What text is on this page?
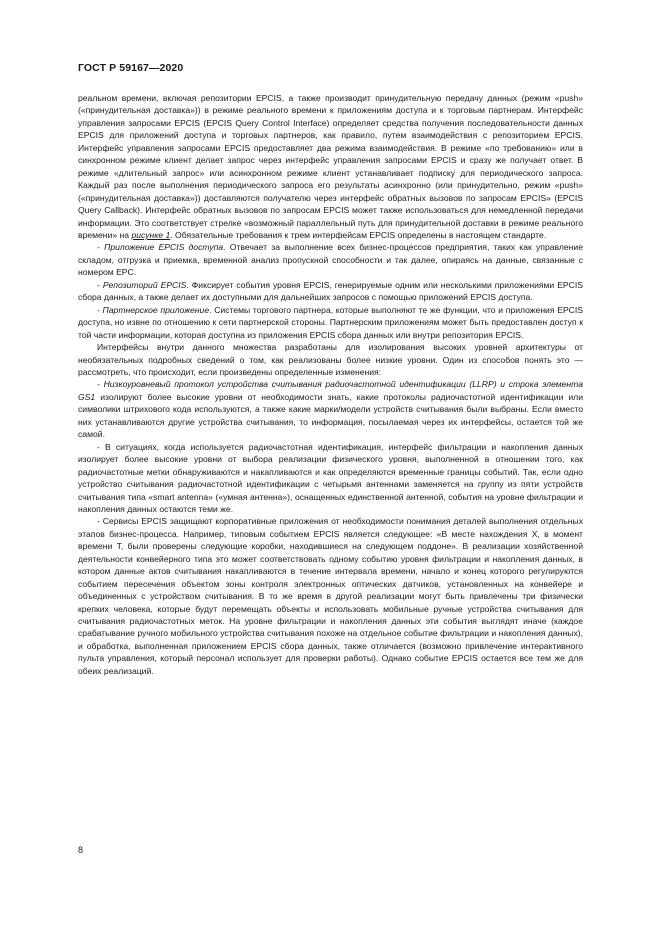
ГОСТ Р 59167—2020

реальном времени, включая репозитории EPCIS, а также производит принудительную передачу данных (режим «push» («принудительная доставка»)) в режиме реального времени к приложениям доступа и к торговым партнерам. Интерфейс управления запросами EPCIS (EPCIS Query Control Interface) определяет средства получения последовательности данных EPCIS для приложений доступа и торговых партнеров, как правило, путем взаимодействия с репозиторием EPCIS. Интерфейс управления запросами EPCIS предоставляет два режима взаимодействия. В режиме «по требованию» или в синхронном режиме клиент делает запрос через интерфейс управления запросами EPCIS и сразу же получает ответ. В режиме «длительный запрос» или асинхронном режиме клиент устанавливает подписку для периодического запроса. Каждый раз после выполнения периодического запроса его результаты асинхронно (или принудительно, режим «push» («принудительная доставка»)) доставляются получателю через интерфейс обратных вызовов по запросам EPCIS» (EPCIS Query Callback). Интерфейс обратных вызовов по запросам EPCIS может также использоваться для немедленной передачи информации. Это соответствует стрелке «возможный параллельный путь для принудительной доставки в режиме реального времени» на рисунке 1. Обязательные требования к трем интерфейсам EPCIS определены в настоящем стандарте.

- Приложение EPCIS доступа. Отвечает за выполнение всех бизнес-процессов предприятия, таких как управление складом, отгрузка и приемка, временной анализ пропускной способности и так далее, опираясь на данные, связанные с номером EPC.

- Репозиторий EPCIS. Фиксирует события уровня EPCIS, генерируемые одним или несколькими приложениями EPCIS сбора данных, а также делает их доступными для дальнейших запросов с помощью приложений EPCIS доступа.

- Партнерское приложение. Системы торгового партнера, которые выполняют те же функции, что и приложения EPCIS доступа, но извне по отношению к сети партнерской стороны. Партнерским приложениям может быть предоставлен доступ к той части информации, которая доступна из приложения EPCIS сбора данных или внутри репозитория EPCIS.

Интерфейсы внутри данного множества разработаны для изолирования высоких уровней архитектуры от необязательных подробных сведений о том, как реализованы более низкие уровни. Один из способов понять это — рассмотреть, что происходит, если произведены определенные изменения:

- Низкоуровневый протокол устройства считывания радиочастотной идентификации (LLRP) и строка элемента GS1 изолируют более высокие уровни от необходимости знать, какие протоколы радиочастотной идентификации или символики штрихового кода используются, а также какие марки/модели устройств считывания были выбраны. Если вместо них устанавливаются другие устройства считывания, то информация, посылаемая через их интерфейсы, остается той же самой.

- В ситуациях, когда используется радиочастотная идентификация, интерфейс фильтрации и накопления данных изолирует более высокие уровни от выбора реализации физического уровня, выполненной в отношении того, как радиочастотные метки обнаруживаются и накапливаются и как определяются временные границы событий. Так, если одно устройство считывания радиочастотной идентификации с четырьмя антеннами заменяется на группу из пяти устройств считывания типа «smart antenna» («умная антенна»), оснащенных единственной антенной, события на уровне фильтрации и накопления данных остаются теми же.

- Сервисы EPCIS защищают корпоративные приложения от необходимости понимания деталей выполнения отдельных этапов бизнес-процесса. Например, типовым событием EPCIS является следующее: «В месте нахождения X, в момент времени T, были проверены следующие коробки, находившиеся на следующем поддоне». В реализации хозяйственной деятельности конвейерного типа это может соответствовать одному событию уровня фильтрации и накопления данных, в котором данные актов считывания накапливаются в течение интервала времени, начало и конец которого регулируются событием пересечения объектом зоны контроля электронных оптических датчиков, установленных на конвейере и объединенных с устройством считывания. В то же время в другой реализации могут быть привлечены три физически крепких человека, которые будут перемещать объекты и использовать мобильные ручные устройства считывания для считывания радиочастотных меток. На уровне фильтрации и накопления данных эти события выглядят иначе (каждое срабатывание ручного мобильного устройства считывания похоже на отдельное событие фильтрации и накопления данных), и обработка, выполненная приложением EPCIS сбора данных, также отличается (возможно привлечение интерактивного пульта управления, который персонал использует для проверки работы). Однако событие EPCIS остается все тем же для обеих реализаций.

8
